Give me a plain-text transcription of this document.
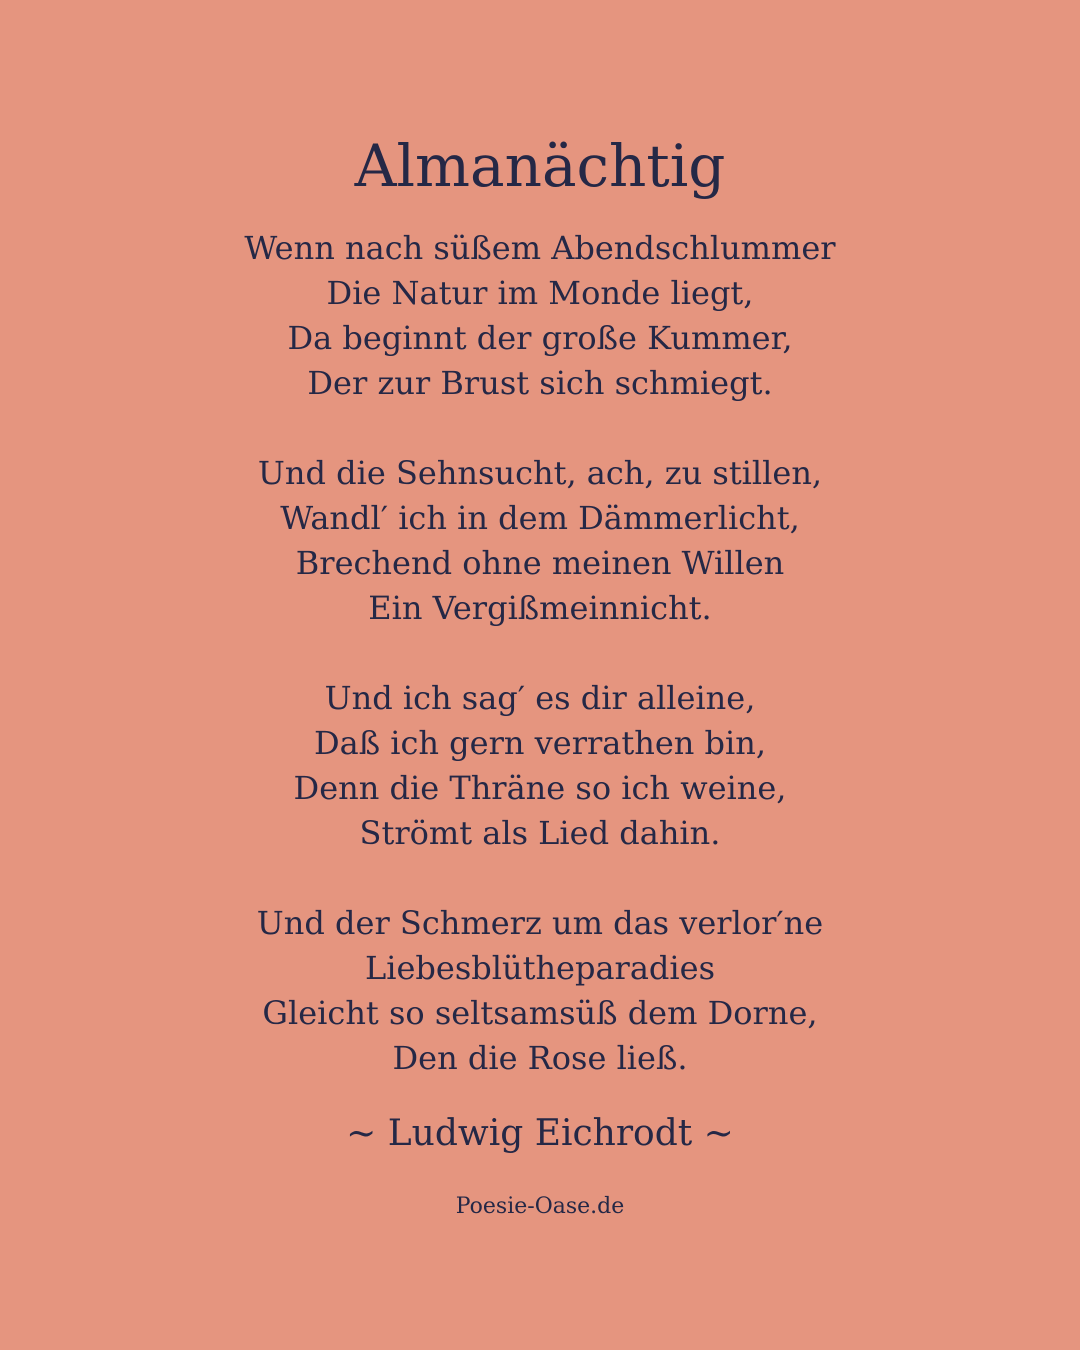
Almanächtig
Wenn nach süßem Abendschlummer
Die Natur im Monde liegt,
Da beginnt der große Kummer,
Der zur Brust sich schmiegt.
Und die Sehnsucht, ach, zu stillen,
Wandl′ ich in dem Dämmerlicht,
Brechend ohne meinen Willen
Ein Vergißmeinnicht.
Und ich sag′ es dir alleine,
Daß ich gern verrathen bin,
Denn die Thräne so ich weine,
Strömt als Lied dahin.
Und der Schmerz um das verlor′ne
Liebesblütheparadies
Gleicht so seltsamsüß dem Dorne,
Den die Rose ließ.
~ Ludwig Eichrodt ~
Poesie-Oase.de
